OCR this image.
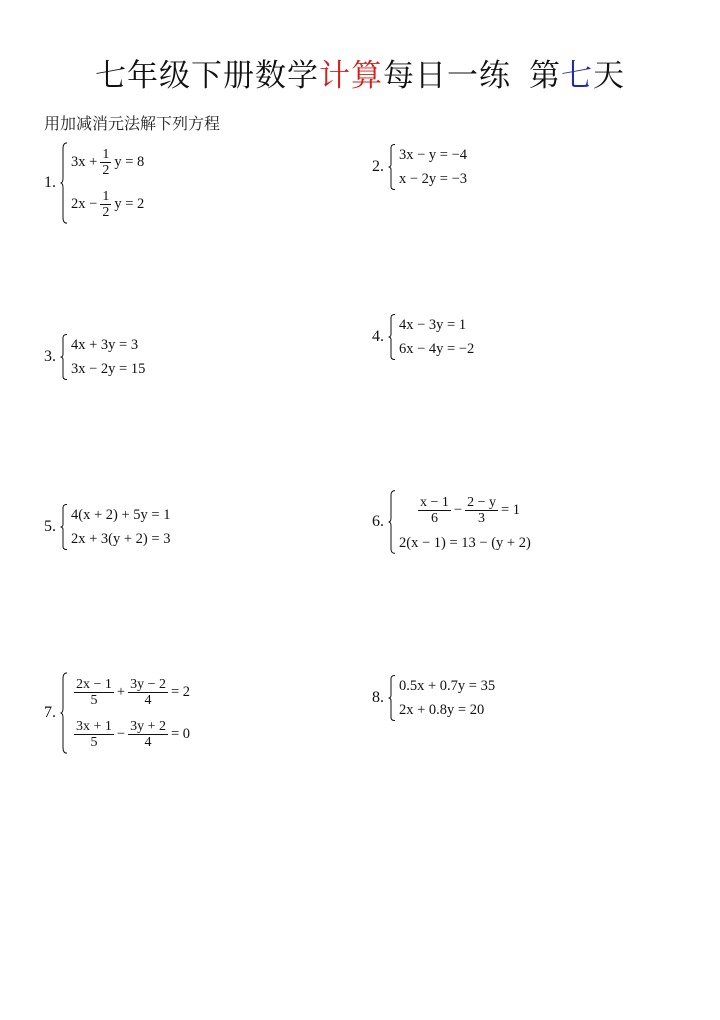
七年级下册数学计算每日一练 第七天
用加减消元法解下列方程
1.
$3x + \frac{1}{2}$ y = 8
$2x - \frac{1}{2}$ y = 2
2.
3x − y = −4
x − 2y = −3
3.
4x + 3y = 3
3x − 2y = 15
4.
4x − 3y = 1
6x − 4y = −2
5.
4(x + 2) + 5y = 1
2x + 3(y + 2) = 3
6. $\frac{x - 1}{6} - \frac{2 - y}{3} = 1$
2(x − 1) = 13 − (y + 2)
7.
$\frac{2x - 1}{5} + \frac{3y - 2}{4} = 2$
$\frac{3x + 1}{5} - \frac{3y + 2}{4} = 0$
8.
0.5x + 0.7y = 35
2x + 0.8y = 20
